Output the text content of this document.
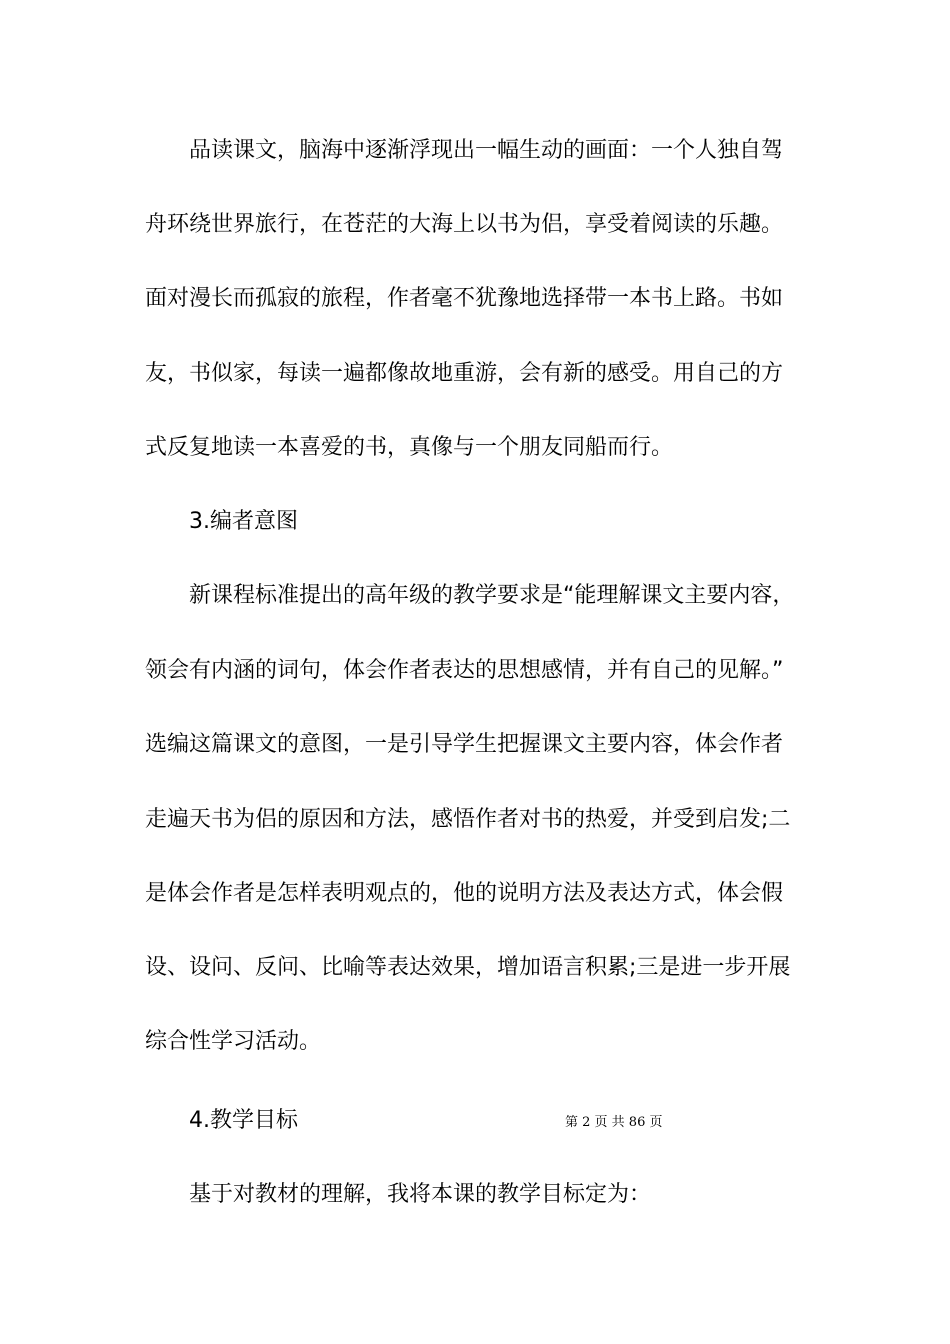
品读课文，脑海中逐渐浮现出一幅生动的画面：一个人独自驾
舟环绕世界旅行，在苍茫的大海上以书为侣，享受着阅读的乐趣。
面对漫长而孤寂的旅程，作者毫不犹豫地选择带一本书上路。书如
友，书似家，每读一遍都像故地重游，会有新的感受。用自己的方
式反复地读一本喜爱的书，真像与一个朋友同船而行。
3.编者意图
新课程标准提出的高年级的教学要求是“能理解课文主要内容，
领会有内涵的词句，体会作者表达的思想感情，并有自己的见解。”
选编这篇课文的意图，一是引导学生把握课文主要内容，体会作者
走遍天书为侣的原因和方法，感悟作者对书的热爱，并受到启发;二
是体会作者是怎样表明观点的，他的说明方法及表达方式，体会假
设、设问、反问、比喻等表达效果，增加语言积累;三是进一步开展
综合性学习活动。
4.教学目标	第 2 页 共 86 页
基于对教材的理解，我将本课的教学目标定为：
